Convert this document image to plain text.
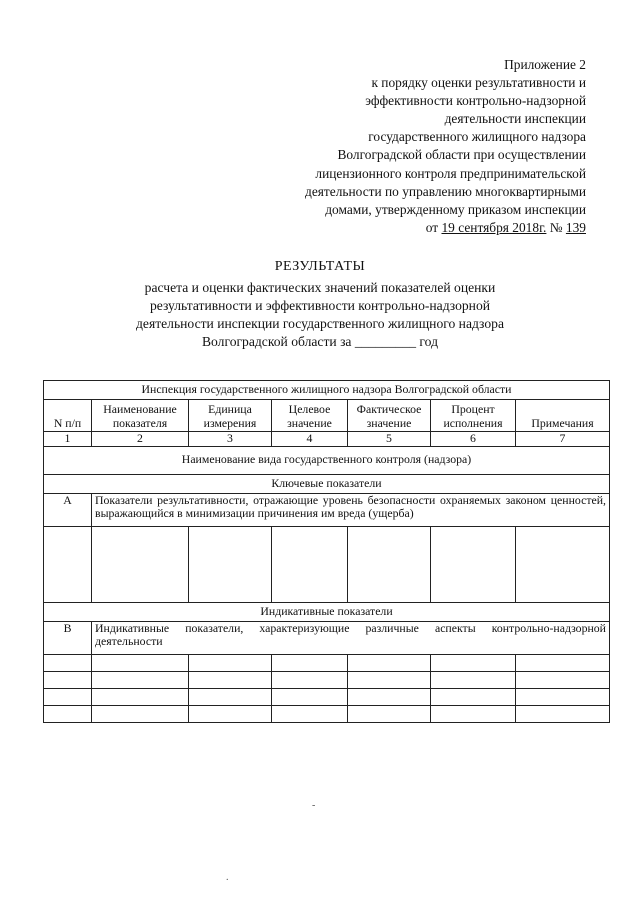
Приложение 2
к порядку оценки результативности и
эффективности контрольно-надзорной
деятельности инспекции
государственного жилищного надзора
Волгоградской области при осуществлении
лицензионного контроля предпринимательской
деятельности по управлению многоквартирными
домами, утвержденному приказом инспекции
от 19 сентября 2018г. № 139
РЕЗУЛЬТАТЫ
расчета и оценки фактических значений показателей оценки
результативности и эффективности контрольно-надзорной
деятельности инспекции государственного жилищного надзора
Волгоградской области за _________ год
Инспекция государственного жилищного надзора Волгоградской области						
N п/п	Наименование показателя	Единица измерения	Целевое значение	Фактическое значение	Процент исполнения	Примечания
1	2	3	4	5	6	7
Наименование вида государственного контроля (надзора)						
Ключевые показатели						
А	Показатели результативности, отражающие уровень безопасности охраняемых законом ценностей, выражающийся в минимизации причинения им вреда (ущерба)					

Индикативные показатели						
В	Индикативные показатели, характеризующие различные аспекты контрольно-надзорной деятельности					

-
.
